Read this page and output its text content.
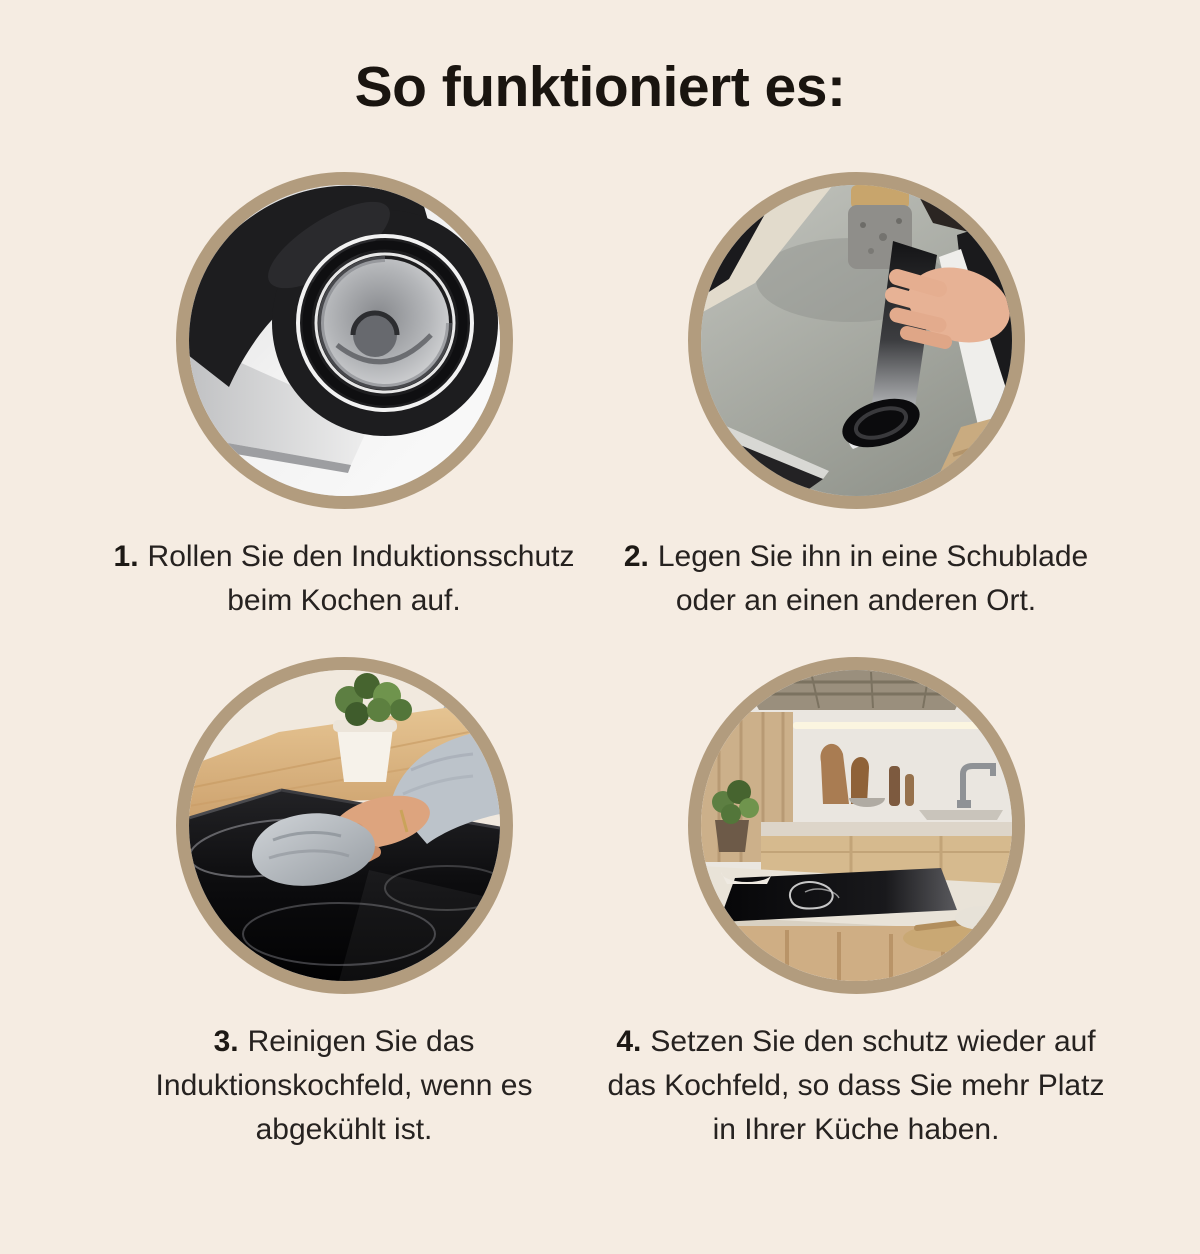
So funktioniert es:

1. Rollen Sie den Induktionsschutz beim Kochen auf.

Indesit

2. Legen Sie ihn in eine Schublade oder an einen anderen Ort.

3. Reinigen Sie das Induktionskochfeld, wenn es abgekühlt ist.

4. Setzen Sie den schutz wieder auf das Kochfeld, so dass Sie mehr Platz in Ihrer Küche haben.
